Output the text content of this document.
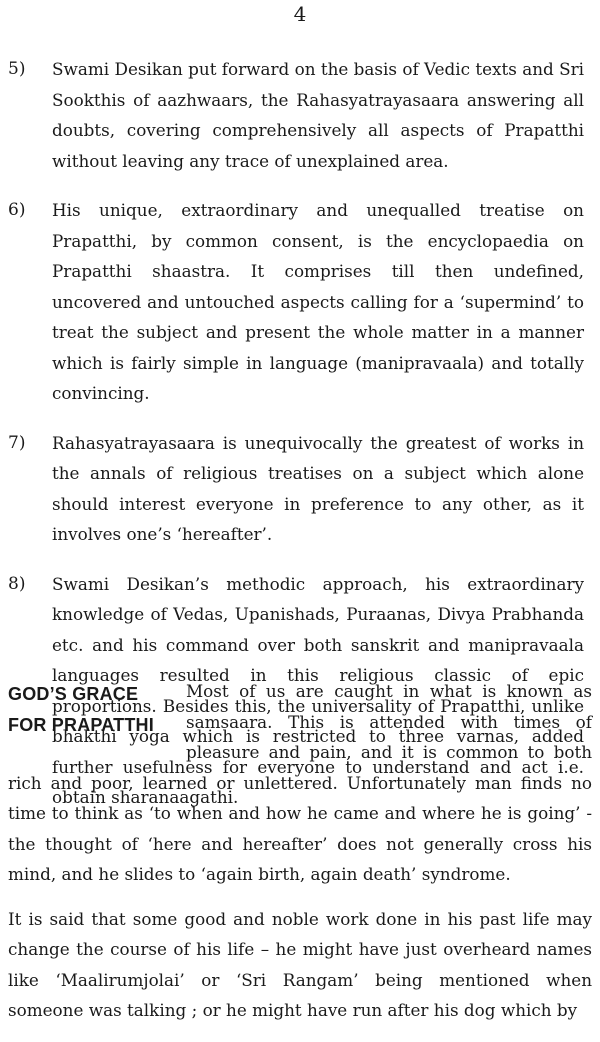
4
5)	Swami Desikan put forward on the basis of Vedic texts and Sri Sookthis of aazhwaars, the Rahasyatrayasaara answering all doubts, covering comprehensively all aspects of Prapatthi without leaving any trace of unexplained area.
6)	His unique, extraordinary and unequalled treatise on Prapatthi, by common consent, is the encyclopaedia on Prapatthi shaastra. It comprises till then undefined, uncovered and untouched aspects calling for a ‘supermind’ to treat the subject and present the whole matter in a manner which is fairly simple in language (manipravaala) and totally convincing.
7)	Rahasyatrayasaara is unequivocally the greatest of works in the annals of religious treatises on a subject which alone should interest everyone in preference to any other, as it involves one’s ‘hereafter’.
8)	Swami Desikan’s methodic approach, his extraordinary knowledge of Vedas, Upanishads, Puraanas, Divya Prabhanda etc. and his command over both sanskrit and manipravaala languages resulted in this religious classic of epic proportions. Besides this, the universality of Prapatthi, unlike bhakthi yoga which is restricted to three varnas, added further usefulness for everyone to understand and act i.e. obtain sharanaagathi.
GOD’S GRACE
FOR PRAPATTHI

Most of us are caught in what is known as samsaara. This is attended with times of pleasure and pain, and it is common to both rich and poor, learned or unlettered. Unfortunately man finds no time to think as ‘to when and how he came and where he is going’ - the thought of ‘here and hereafter’ does not generally cross his mind, and he slides to ‘again birth, again death’ syndrome.

It is said that some good and noble work done in his past life may change the course of his life – he might have just overheard names like ‘Maalirumjolai’ or ‘Sri Rangam’ being mentioned when someone was talking ; or he might have run after his dog which by
